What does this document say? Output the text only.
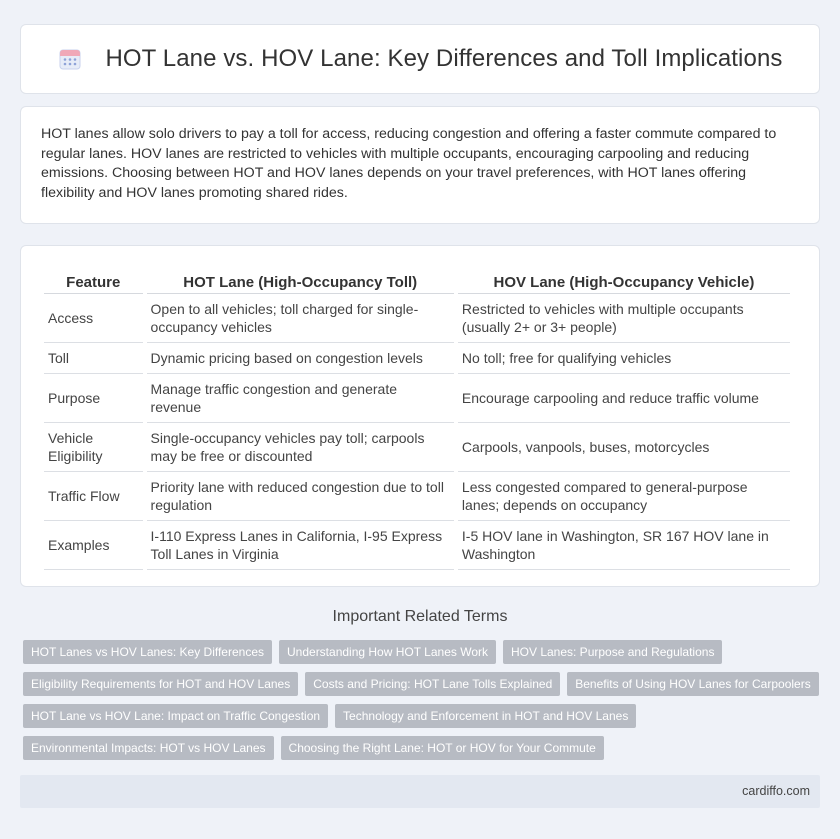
HOT Lane vs. HOV Lane: Key Differences and Toll Implications

HOT lanes allow solo drivers to pay a toll for access, reducing congestion and offering a faster commute compared to regular lanes. HOV lanes are restricted to vehicles with multiple occupants, encouraging carpooling and reducing emissions. Choosing between HOT and HOV lanes depends on your travel preferences, with HOT lanes offering flexibility and HOV lanes promoting shared rides.

Feature	HOT Lane (High-Occupancy Toll)	HOV Lane (High-Occupancy Vehicle)
Access	Open to all vehicles; toll charged for single-occupancy vehicles	Restricted to vehicles with multiple occupants (usually 2+ or 3+ people)
Toll	Dynamic pricing based on congestion levels	No toll; free for qualifying vehicles
Purpose	Manage traffic congestion and generate revenue	Encourage carpooling and reduce traffic volume
Vehicle Eligibility	Single-occupancy vehicles pay toll; carpools may be free or discounted	Carpools, vanpools, buses, motorcycles
Traffic Flow	Priority lane with reduced congestion due to toll regulation	Less congested compared to general-purpose lanes; depends on occupancy
Examples	I-110 Express Lanes in California, I-95 Express Toll Lanes in Virginia	I-5 HOV lane in Washington, SR 167 HOV lane in Washington
Important Related Terms
HOT Lanes vs HOV Lanes: Key Differences	Understanding How HOT Lanes Work	HOV Lanes: Purpose and Regulations
Eligibility Requirements for HOT and HOV Lanes	Costs and Pricing: HOT Lane Tolls Explained	Benefits of Using HOV Lanes for Carpoolers
HOT Lane vs HOV Lane: Impact on Traffic Congestion	Technology and Enforcement in HOT and HOV Lanes
Environmental Impacts: HOT vs HOV Lanes	Choosing the Right Lane: HOT or HOV for Your Commute
cardiffo.com
